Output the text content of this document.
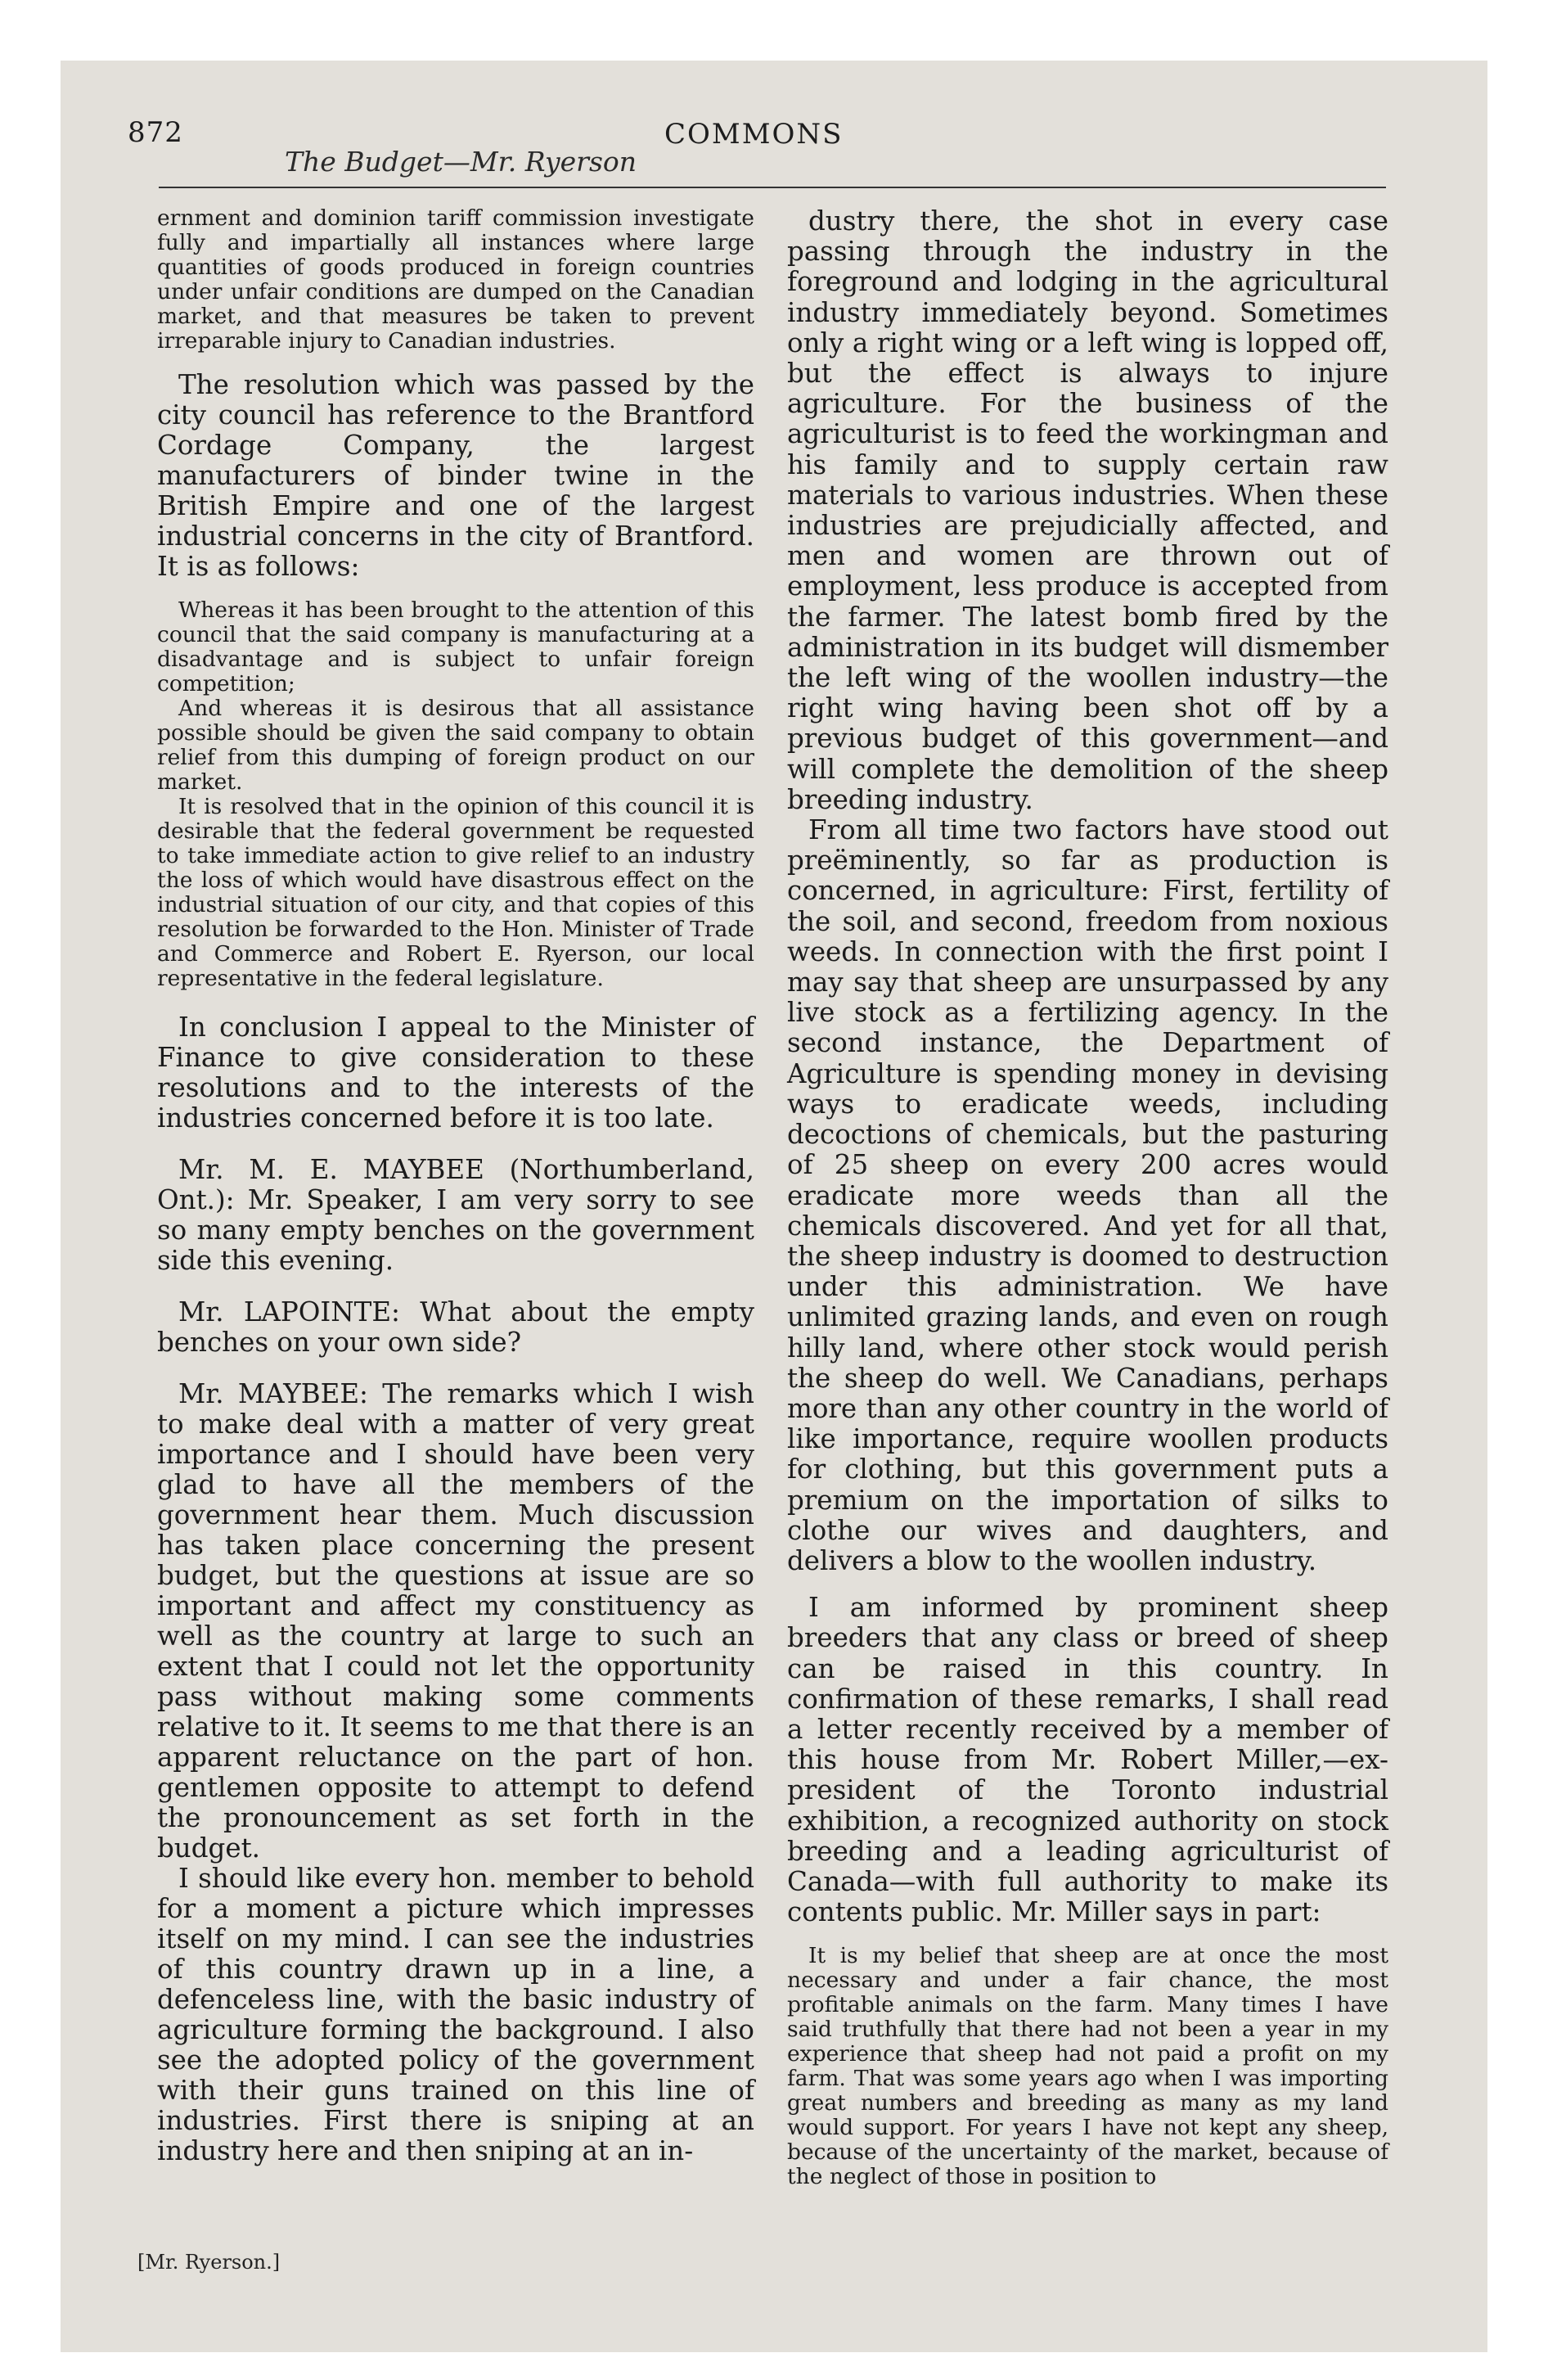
872	COMMONS
The Budget—Mr. Ryerson

ernment and dominion tariff commission investigate fully and impartially all instances where large quantities of goods produced in foreign countries under unfair conditions are dumped on the Canadian market, and that measures be taken to prevent irreparable injury to Canadian industries.

The resolution which was passed by the city council has reference to the Brantford Cordage Company, the largest manufacturers of binder twine in the British Empire and one of the largest industrial concerns in the city of Brantford. It is as follows:

Whereas it has been brought to the attention of this council that the said company is manufacturing at a disadvantage and is subject to unfair foreign competition;

And whereas it is desirous that all assistance possible should be given the said company to obtain relief from this dumping of foreign product on our market.

It is resolved that in the opinion of this council it is desirable that the federal government be requested to take immediate action to give relief to an industry the loss of which would have disastrous effect on the industrial situation of our city, and that copies of this resolution be forwarded to the Hon. Minister of Trade and Commerce and Robert E. Ryerson, our local representative in the federal legislature.

In conclusion I appeal to the Minister of Finance to give consideration to these resolutions and to the interests of the industries concerned before it is too late.

Mr. M. E. MAYBEE (Northumberland, Ont.): Mr. Speaker, I am very sorry to see so many empty benches on the government side this evening.

Mr. LAPOINTE: What about the empty benches on your own side?

Mr. MAYBEE: The remarks which I wish to make deal with a matter of very great importance and I should have been very glad to have all the members of the government hear them. Much discussion has taken place concerning the present budget, but the questions at issue are so important and affect my constituency as well as the country at large to such an extent that I could not let the opportunity pass without making some comments relative to it. It seems to me that there is an apparent reluctance on the part of hon. gentlemen opposite to attempt to defend the pronouncement as set forth in the budget.

I should like every hon. member to behold for a moment a picture which impresses itself on my mind. I can see the industries of this country drawn up in a line, a defenceless line, with the basic industry of agriculture forming the background. I also see the adopted policy of the government with their guns trained on this line of industries. First there is sniping at an industry here and then sniping at an in-

dustry there, the shot in every case passing through the industry in the foreground and lodging in the agricultural industry immediately beyond. Sometimes only a right wing or a left wing is lopped off, but the effect is always to injure agriculture. For the business of the agriculturist is to feed the workingman and his family and to supply certain raw materials to various industries. When these industries are prejudicially affected, and men and women are thrown out of employment, less produce is accepted from the farmer. The latest bomb fired by the administration in its budget will dismember the left wing of the woollen industry—the right wing having been shot off by a previous budget of this government—and will complete the demolition of the sheep breeding industry.

From all time two factors have stood out preëminently, so far as production is concerned, in agriculture: First, fertility of the soil, and second, freedom from noxious weeds. In connection with the first point I may say that sheep are unsurpassed by any live stock as a fertilizing agency. In the second instance, the Department of Agriculture is spending money in devising ways to eradicate weeds, including decoctions of chemicals, but the pasturing of 25 sheep on every 200 acres would eradicate more weeds than all the chemicals discovered. And yet for all that, the sheep industry is doomed to destruction under this administration. We have unlimited grazing lands, and even on rough hilly land, where other stock would perish the sheep do well. We Canadians, perhaps more than any other country in the world of like importance, require woollen products for clothing, but this government puts a premium on the importation of silks to clothe our wives and daughters, and delivers a blow to the woollen industry.

I am informed by prominent sheep breeders that any class or breed of sheep can be raised in this country. In confirmation of these remarks, I shall read a letter recently received by a member of this house from Mr. Robert Miller,—ex-president of the Toronto industrial exhibition, a recognized authority on stock breeding and a leading agriculturist of Canada—with full authority to make its contents public. Mr. Miller says in part:

It is my belief that sheep are at once the most necessary and under a fair chance, the most profitable animals on the farm. Many times I have said truthfully that there had not been a year in my experience that sheep had not paid a profit on my farm. That was some years ago when I was importing great numbers and breeding as many as my land would support. For years I have not kept any sheep, because of the uncertainty of the market, because of the neglect of those in position to

[Mr. Ryerson.]
